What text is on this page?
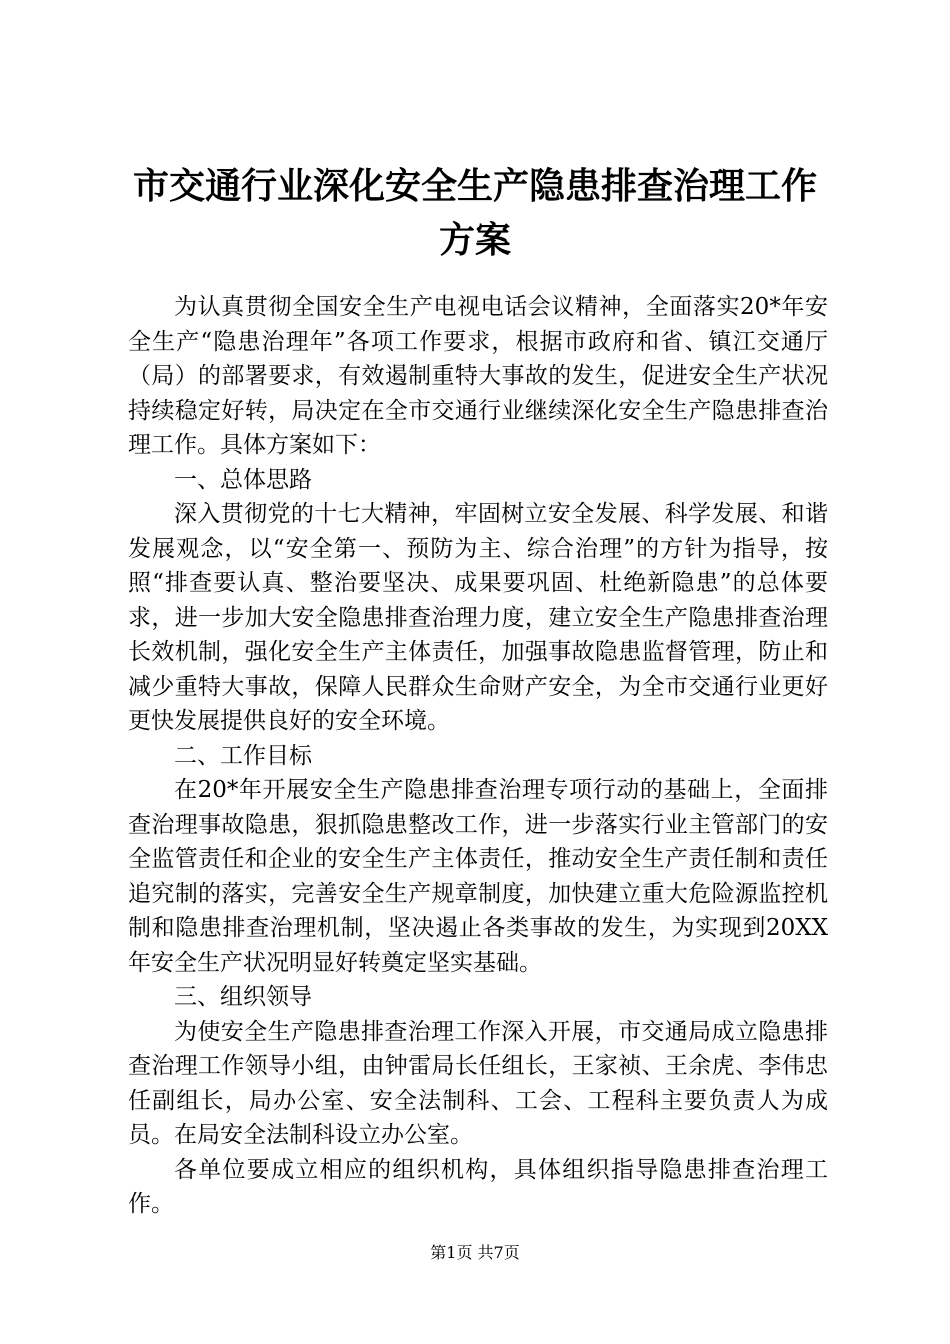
市交通行业深化安全生产隐患排查治理工作方案

为认真贯彻全国安全生产电视电话会议精神，全面落实20*年安全生产“隐患治理年”各项工作要求，根据市政府和省、镇江交通厅（局）的部署要求，有效遏制重特大事故的发生，促进安全生产状况持续稳定好转，局决定在全市交通行业继续深化安全生产隐患排查治理工作。具体方案如下：

一、总体思路

深入贯彻党的十七大精神，牢固树立安全发展、科学发展、和谐发展观念，以“安全第一、预防为主、综合治理”的方针为指导，按照“排查要认真、整治要坚决、成果要巩固、杜绝新隐患”的总体要求，进一步加大安全隐患排查治理力度，建立安全生产隐患排查治理长效机制，强化安全生产主体责任，加强事故隐患监督管理，防止和减少重特大事故，保障人民群众生命财产安全，为全市交通行业更好更快发展提供良好的安全环境。

二、工作目标

在20*年开展安全生产隐患排查治理专项行动的基础上，全面排查治理事故隐患，狠抓隐患整改工作，进一步落实行业主管部门的安全监管责任和企业的安全生产主体责任，推动安全生产责任制和责任追究制的落实，完善安全生产规章制度，加快建立重大危险源监控机制和隐患排查治理机制，坚决遏止各类事故的发生，为实现到20XX年安全生产状况明显好转奠定坚实基础。

三、组织领导

为使安全生产隐患排查治理工作深入开展，市交通局成立隐患排查治理工作领导小组，由钟雷局长任组长，王家祯、王余虎、李伟忠任副组长，局办公室、安全法制科、工会、工程科主要负责人为成员。在局安全法制科设立办公室。

各单位要成立相应的组织机构，具体组织指导隐患排查治理工作。

第1页 共7页
